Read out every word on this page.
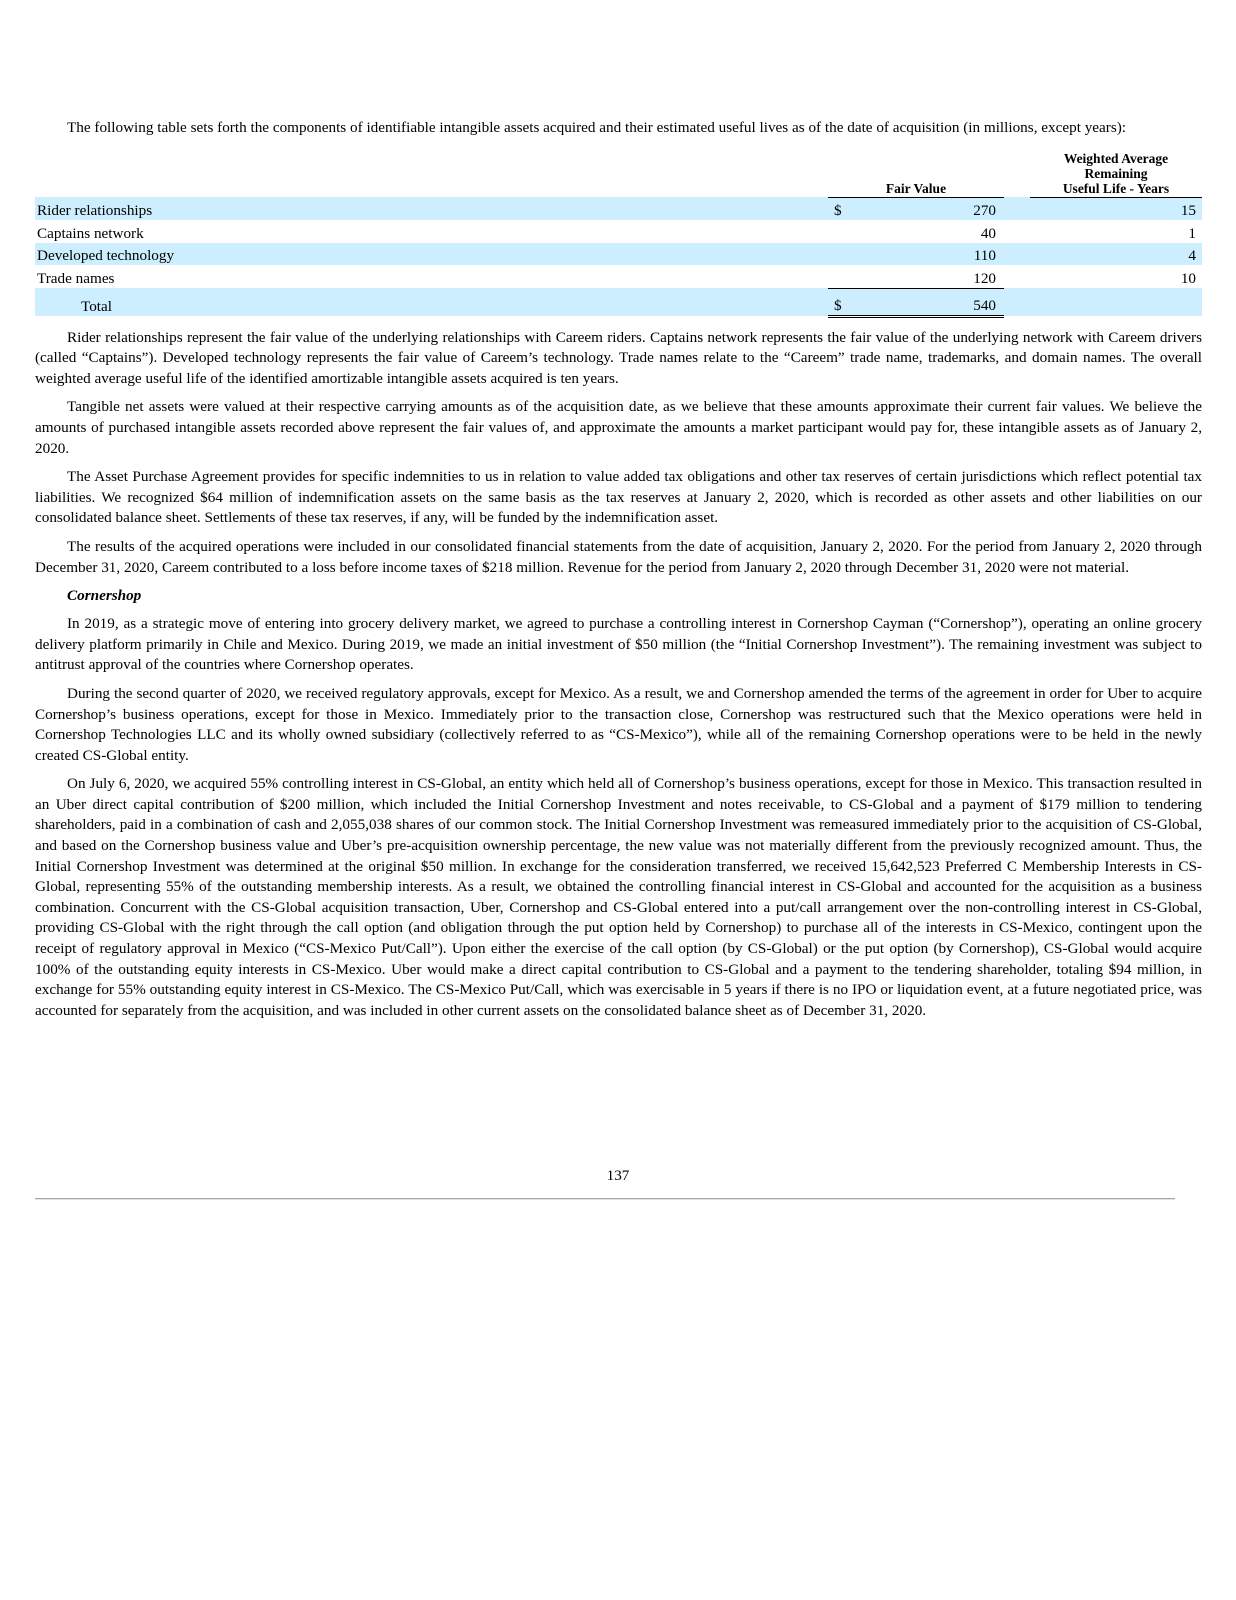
The following table sets forth the components of identifiable intangible assets acquired and their estimated useful lives as of the date of acquisition (in millions, except years):

	Fair Value			Weighted Average Remaining
Useful Life - Years
Rider relationships	$	270		15
Captains network		40		1
Developed technology		110		4
Trade names		120		10
Total	$	540		

Rider relationships represent the fair value of the underlying relationships with Careem riders. Captains network represents the fair value of the underlying network with Careem drivers (called “Captains”). Developed technology represents the fair value of Careem’s technology. Trade names relate to the “Careem” trade name, trademarks, and domain names. The overall weighted average useful life of the identified amortizable intangible assets acquired is ten years.

Tangible net assets were valued at their respective carrying amounts as of the acquisition date, as we believe that these amounts approximate their current fair values. We believe the amounts of purchased intangible assets recorded above represent the fair values of, and approximate the amounts a market participant would pay for, these intangible assets as of January 2, 2020.

The Asset Purchase Agreement provides for specific indemnities to us in relation to value added tax obligations and other tax reserves of certain jurisdictions which reflect potential tax liabilities. We recognized $64 million of indemnification assets on the same basis as the tax reserves at January 2, 2020, which is recorded as other assets and other liabilities on our consolidated balance sheet. Settlements of these tax reserves, if any, will be funded by the indemnification asset.

The results of the acquired operations were included in our consolidated financial statements from the date of acquisition, January 2, 2020. For the period from January 2, 2020 through December 31, 2020, Careem contributed to a loss before income taxes of $218 million. Revenue for the period from January 2, 2020 through December 31, 2020 were not material.

Cornershop

In 2019, as a strategic move of entering into grocery delivery market, we agreed to purchase a controlling interest in Cornershop Cayman (“Cornershop”), operating an online grocery delivery platform primarily in Chile and Mexico. During 2019, we made an initial investment of $50 million (the “Initial Cornershop Investment”). The remaining investment was subject to antitrust approval of the countries where Cornershop operates.

During the second quarter of 2020, we received regulatory approvals, except for Mexico. As a result, we and Cornershop amended the terms of the agreement in order for Uber to acquire Cornershop’s business operations, except for those in Mexico. Immediately prior to the transaction close, Cornershop was restructured such that the Mexico operations were held in Cornershop Technologies LLC and its wholly owned subsidiary (collectively referred to as “CS-Mexico”), while all of the remaining Cornershop operations were to be held in the newly created CS-Global entity.

On July 6, 2020, we acquired 55% controlling interest in CS-Global, an entity which held all of Cornershop’s business operations, except for those in Mexico. This transaction resulted in an Uber direct capital contribution of $200 million, which included the Initial Cornershop Investment and notes receivable, to CS-Global and a payment of $179 million to tendering shareholders, paid in a combination of cash and 2,055,038 shares of our common stock. The Initial Cornershop Investment was remeasured immediately prior to the acquisition of CS-Global, and based on the Cornershop business value and Uber’s pre-acquisition ownership percentage, the new value was not materially different from the previously recognized amount. Thus, the Initial Cornershop Investment was determined at the original $50 million. In exchange for the consideration transferred, we received 15,642,523 Preferred C Membership Interests in CS-Global, representing 55% of the outstanding membership interests. As a result, we obtained the controlling financial interest in CS-Global and accounted for the acquisition as a business combination. Concurrent with the CS-Global acquisition transaction, Uber, Cornershop and CS-Global entered into a put/call arrangement over the non-controlling interest in CS-Global, providing CS-Global with the right through the call option (and obligation through the put option held by Cornershop) to purchase all of the interests in CS-Mexico, contingent upon the receipt of regulatory approval in Mexico (“CS-Mexico Put/Call”). Upon either the exercise of the call option (by CS-Global) or the put option (by Cornershop), CS-Global would acquire 100% of the outstanding equity interests in CS-Mexico. Uber would make a direct capital contribution to CS-Global and a payment to the tendering shareholder, totaling $94 million, in exchange for 55% outstanding equity interest in CS-Mexico. The CS-Mexico Put/Call, which was exercisable in 5 years if there is no IPO or liquidation event, at a future negotiated price, was accounted for separately from the acquisition, and was included in other current assets on the consolidated balance sheet as of December 31, 2020.

137
